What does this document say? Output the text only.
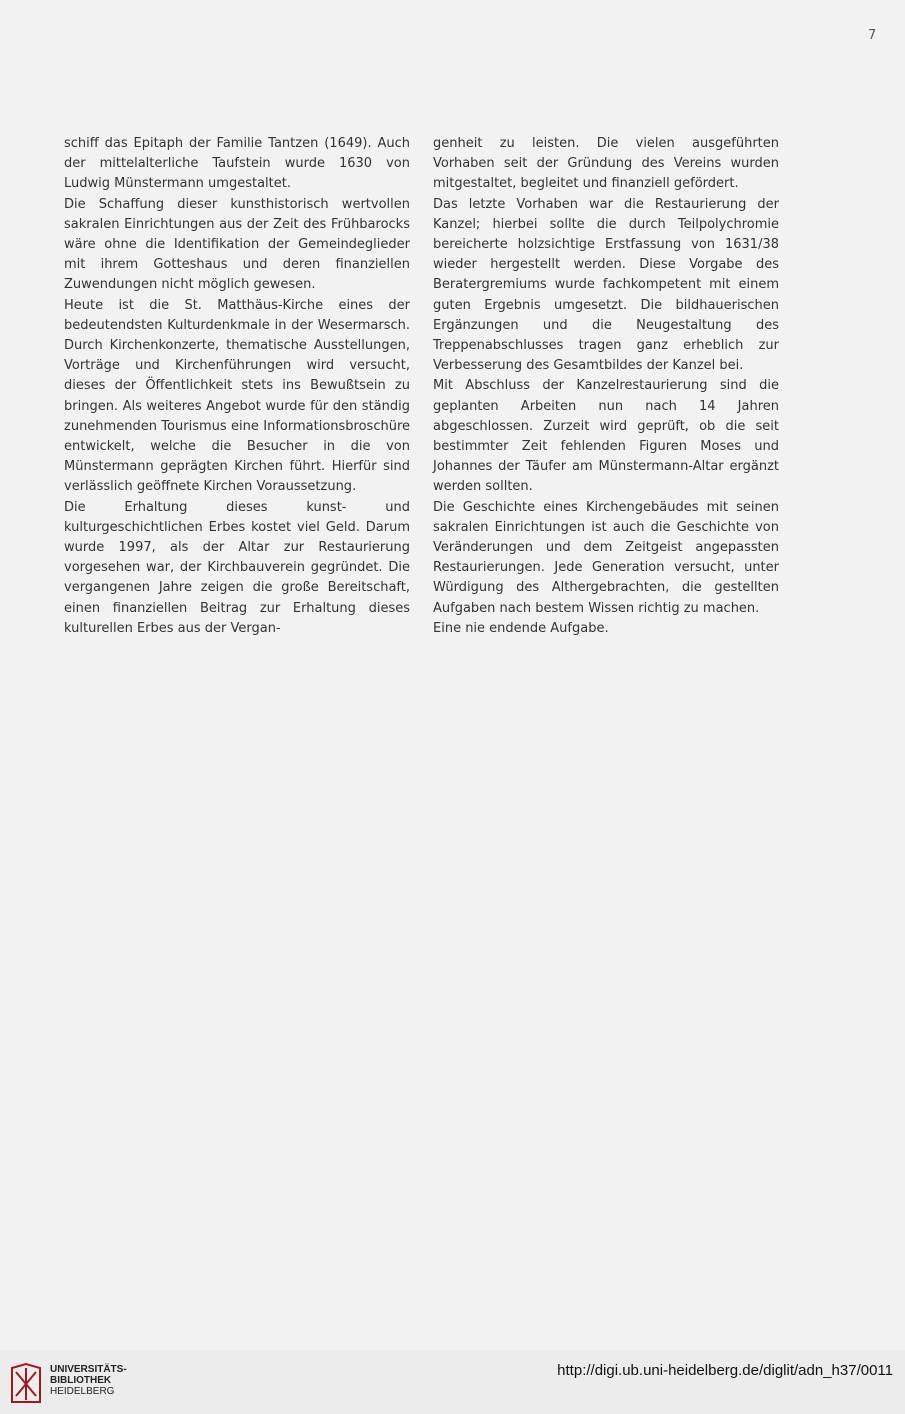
7

schiff das Epitaph der Familie Tantzen (1649). Auch der mittelalterliche Taufstein wurde 1630 von Ludwig Münstermann umgestaltet.

Die Schaffung dieser kunsthistorisch wertvollen sakralen Einrichtungen aus der Zeit des Frühbarocks wäre ohne die Identifikation der Gemeindeglieder mit ihrem Gotteshaus und deren finanziellen Zuwendungen nicht möglich gewesen.

Heute ist die St. Matthäus-Kirche eines der bedeutendsten Kulturdenkmale in der Wesermarsch. Durch Kirchenkonzerte, thematische Ausstellungen, Vorträge und Kirchenführungen wird versucht, dieses der Öffentlichkeit stets ins Bewußtsein zu bringen. Als weiteres Angebot wurde für den ständig zunehmenden Tourismus eine Informationsbroschüre entwickelt, welche die Besucher in die von Münstermann geprägten Kirchen führt. Hierfür sind verlässlich geöffnete Kirchen Voraussetzung.

Die Erhaltung dieses kunst- und kulturgeschichtlichen Erbes kostet viel Geld. Darum wurde 1997, als der Altar zur Restaurierung vorgesehen war, der Kirchbauverein gegründet. Die vergangenen Jahre zeigen die große Bereitschaft, einen finanziellen Beitrag zur Erhaltung dieses kulturellen Erbes aus der Vergan-

genheit zu leisten. Die vielen ausgeführten Vorhaben seit der Gründung des Vereins wurden mitgestaltet, begleitet und finanziell gefördert.

Das letzte Vorhaben war die Restaurierung der Kanzel; hierbei sollte die durch Teilpolychromie bereicherte holzsichtige Erstfassung von 1631/38 wieder hergestellt werden. Diese Vorgabe des Beratergremiums wurde fachkompetent mit einem guten Ergebnis umgesetzt. Die bildhauerischen Ergänzungen und die Neugestaltung des Treppenabschlusses tragen ganz erheblich zur Verbesserung des Gesamtbildes der Kanzel bei.

Mit Abschluss der Kanzelrestaurierung sind die geplanten Arbeiten nun nach 14 Jahren abgeschlossen. Zurzeit wird geprüft, ob die seit bestimmter Zeit fehlenden Figuren Moses und Johannes der Täufer am Münstermann-Altar ergänzt werden sollten.

Die Geschichte eines Kirchengebäudes mit seinen sakralen Einrichtungen ist auch die Geschichte von Veränderungen und dem Zeitgeist angepassten Restaurierungen. Jede Generation versucht, unter Würdigung des Althergebrachten, die gestellten Aufgaben nach bestem Wissen richtig zu machen.

Eine nie endende Aufgabe.

UNIVERSITÄTS-
BIBLIOTHEK
HEIDELBERG
http://digi.ub.uni-heidelberg.de/diglit/adn_h37/0011
